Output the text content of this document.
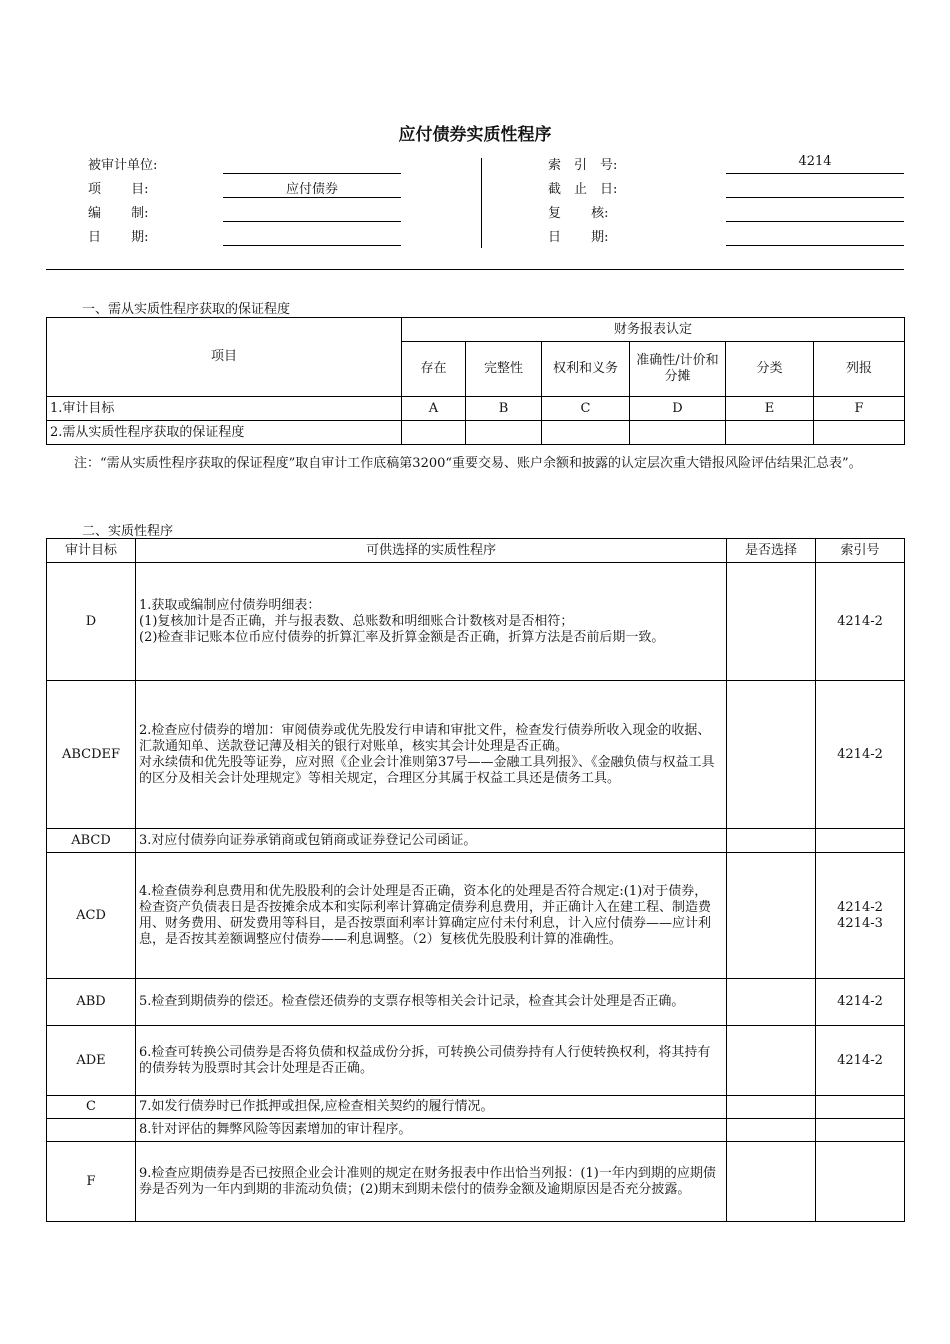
应付债券实质性程序
被审计单位:
项　　 目:	应付债券
编　　 制:
日　　 期:
索　引　号:	4214
截　止　日:
复　　 核:
日　　 期:
一、需从实质性程序获取的保证程度
项目	财务报表认定					
	存在	完整性	权利和义务	准确性/计价和分摊	分类	列报
1.审计目标	A	B	C	D	E	F
2.需从实质性程序获取的保证程度						
注：“需从实质性程序获取的保证程度”取自审计工作底稿第3200“重要交易、账户余额和披露的认定层次重大错报风险评估结果汇总表”。
二、实质性程序
审计目标	可供选择的实质性程序	是否选择	索引号
D	1.获取或编制应付债券明细表：
(1)复核加计是否正确，并与报表数、总账数和明细账合计数核对是否相符；
(2)检查非记账本位币应付债券的折算汇率及折算金额是否正确，折算方法是否前后期一致。		4214-2
ABCDEF	2.检查应付债券的增加：审阅债券或优先股发行申请和审批文件，检查发行债券所收入现金的收据、汇款通知单、送款登记薄及相关的银行对账单，核实其会计处理是否正确。
对永续债和优先股等证券，应对照《企业会计准则第37号——金融工具列报》、《金融负债与权益工具的区分及相关会计处理规定》等相关规定，合理区分其属于权益工具还是债务工具。		4214-2
ABCD	3.对应付债券向证券承销商或包销商或证券登记公司函证。		

ACD	4.检查债券利息费用和优先股股利的会计处理是否正确，资本化的处理是否符合规定:(1)对于债券，检查资产负债表日是否按摊余成本和实际利率计算确定债券利息费用，并正确计入在建工程、制造费用、财务费用、研发费用等科目，是否按票面利率计算确定应付未付利息，计入应付债券——应计利息，是否按其差额调整应付债券——利息调整。（2）复核优先股股利计算的准确性。		4214-2
4214-3
ABD	5.检查到期债券的偿还。检查偿还债券的支票存根等相关会计记录，检查其会计处理是否正确。		4214-2
ADE	6.检查可转换公司债券是否将负债和权益成份分拆，可转换公司债券持有人行使转换权利，将其持有的债券转为股票时其会计处理是否正确。		4214-2
C	7.如发行债券时已作抵押或担保,应检查相关契约的履行情况。		

	8.针对评估的舞弊风险等因素增加的审计程序。		

F	9.检查应期债券是否已按照企业会计准则的规定在财务报表中作出恰当列报：(1)一年内到期的应期债券是否列为一年内到期的非流动负债；(2)期末到期未偿付的债券金额及逾期原因是否充分披露。		
